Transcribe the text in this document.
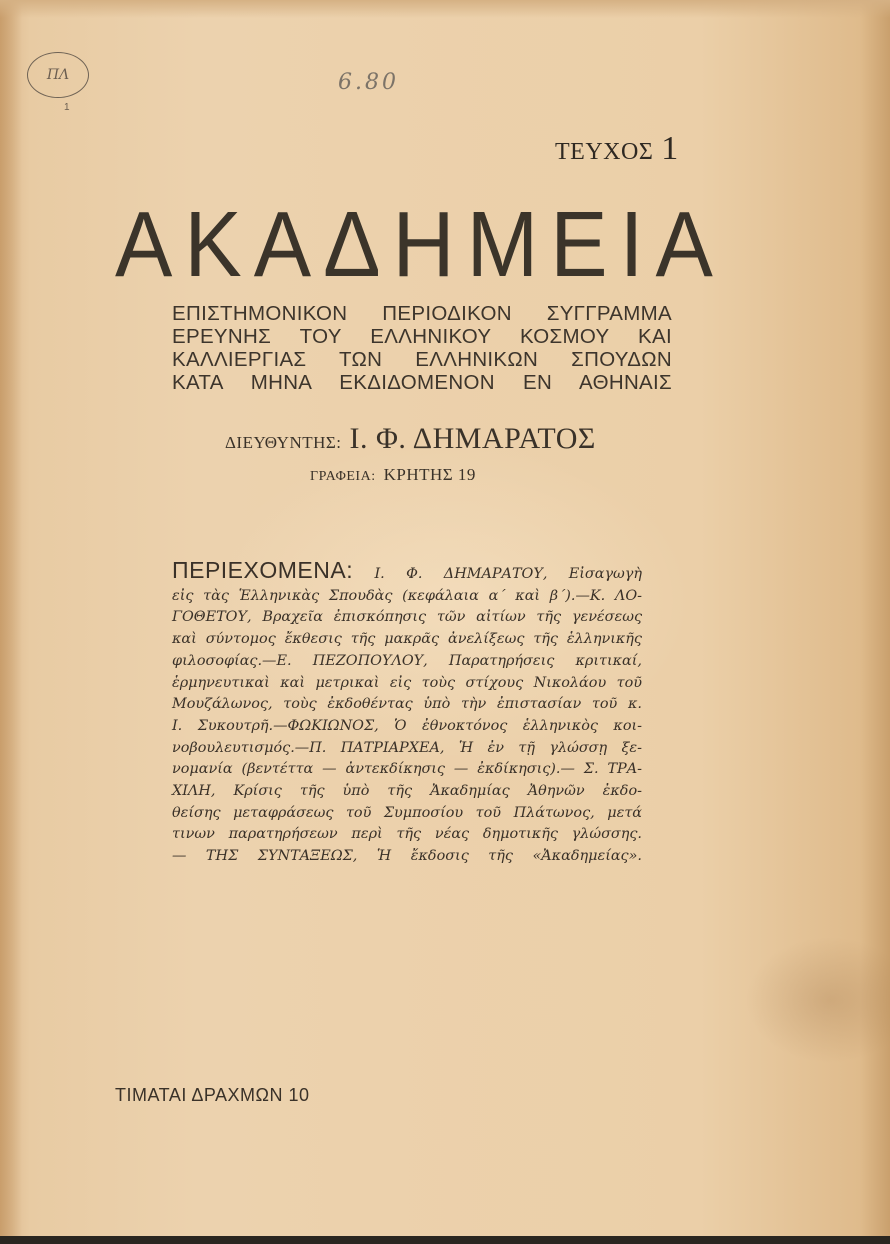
ΠΛ
1
6.80
ΤΕΥΧΟΣ 1
ΑΚΑΔΗΜΕΙΑ
ΕΠΙΣΤΗΜΟΝΙΚΟΝ ΠΕΡΙΟΔΙΚΟΝ ΣΥΓΓΡΑΜΜΑ
ΕΡΕΥΝΗΣ ΤΟΥ ΕΛΛΗΝΙΚΟΥ ΚΟΣΜΟΥ ΚΑΙ
ΚΑΛΛΙΕΡΓΙΑΣ ΤΩΝ ΕΛΛΗΝΙΚΩΝ ΣΠΟΥΔΩΝ
ΚΑΤΑ ΜΗΝΑ ΕΚΔΙΔΟΜΕΝΟΝ ΕΝ ΑΘΗΝΑΙΣ
ΔΙΕΥΘΥΝΤΗΣ: Ι. Φ. ΔΗΜΑΡΑΤΟΣ
ΓΡΑΦΕΙΑ: ΚΡΗΤΗΣ 19
ΠΕΡΙΕΧΟΜΕΝΑ: Ι. Φ. ΔΗΜΑΡΑΤΟΥ, Εἰσαγωγὴ
εἰς τὰς Ἑλληνικὰς Σπουδὰς (κεφάλαια α΄ καὶ β΄).—Κ. ΛΟ-
ΓΟΘΕΤΟΥ, Βραχεῖα ἐπισκόπησις τῶν αἰτίων τῆς γενέσεως
καὶ σύντομος ἔκθεσις τῆς μακρᾶς ἀνελίξεως τῆς ἑλληνικῆς
φιλοσοφίας.—Ε. ΠΕΖΟΠΟΥΛΟΥ, Παρατηρήσεις κριτικαί,
ἑρμηνευτικαὶ καὶ μετρικαὶ εἰς τοὺς στίχους Νικολάου τοῦ
Μουζάλωνος, τοὺς ἐκδοθέντας ὑπὸ τὴν ἐπιστασίαν τοῦ κ.
Ι. Συκουτρῆ.—ΦΩΚΙΩΝΟΣ, Ὁ ἐθνοκτόνος ἑλληνικὸς κοι-
νοβουλευτισμός.—Π. ΠΑΤΡΙΑΡΧΕΑ, Ἡ ἐν τῇ γλώσσῃ ξε-
νομανία (βεντέττα — ἀντεκδίκησις — ἐκδίκησις).— Σ. ΤΡΑ-
ΧΙΛΗ, Κρίσις τῆς ὑπὸ τῆς Ἀκαδημίας Ἀθηνῶν ἐκδο-
θείσης μεταφράσεως τοῦ Συμποσίου τοῦ Πλάτωνος, μετά
τινων παρατηρήσεων περὶ τῆς νέας δημοτικῆς γλώσσης.
— ΤΗΣ ΣΥΝΤΑΞΕΩΣ, Ἡ ἔκδοσις τῆς «Ἀκαδημείας».
ΤΙΜΑΤΑΙ ΔΡΑΧΜΩΝ 10
